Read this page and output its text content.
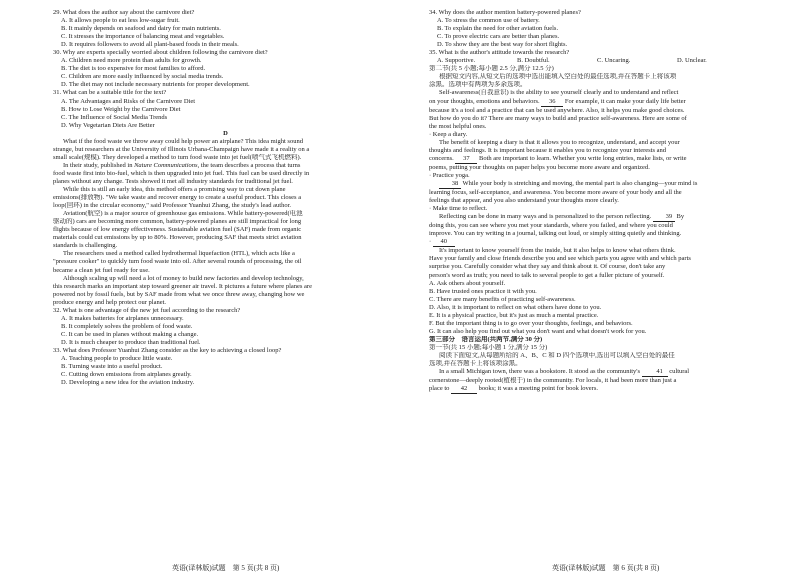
29. What does the author say about the carnivore diet?
A. It allows people to eat less low-sugar fruit.
B. It mainly depends on seafood and dairy for main nutrients.
C. It stresses the importance of balancing meat and vegetables.
D. It requires followers to avoid all plant-based foods in their meals.
30. Why are experts specially worried about children following the carnivore diet?
A. Children need more protein than adults for growth.
B. The diet is too expensive for most families to afford.
C. Children are more easily influenced by social media trends.
D. The diet may not include necessary nutrients for proper development.
31. What can be a suitable title for the text?
A. The Advantages and Risks of the Carnivore Diet
B. How to Lose Weight by the Carnivore Diet
C. The Influence of Social Media Trends
D. Why Vegetarian Diets Are Better
D
What if the food waste we throw away could help power an airplane? This idea might sound
strange, but researchers at the University of Illinois Urbana-Champaign have made it a reality on a
small scale(规模). They developed a method to turn food waste into jet fuel(喷气式飞机燃料).
In their study, published in Nature Communications, the team describes a process that turns
food waste first into bio-fuel, which is then upgraded into jet fuel. This fuel can be used directly in
planes without any change. Tests showed it met all industry standards for traditional jet fuel.
While this is still an early idea, this method offers a promising way to cut down plane
emissions(排放物). "We take waste and recover energy to create a useful product. This closes a
loop(回环) in the circular economy," said Professor Yuanhui Zhang, the study's lead author.
Aviation(航空) is a major source of greenhouse gas emissions. While battery-powered(电池
驱动的) cars are becoming more common, battery-powered planes are still impractical for long
flights because of low energy effectiveness. Sustainable aviation fuel (SAF) made from organic
materials could cut emissions by up to 80%. However, producing SAF that meets strict aviation
standards is challenging.
The researchers used a method called hydrothermal liquefaction (HTL), which acts like a
"pressure cooker" to quickly turn food waste into oil. After several rounds of processing, the oil
became a clean jet fuel ready for use.
Although scaling up will need a lot of money to build new factories and develop technology,
this research marks an important step toward greener air travel. It pictures a future where planes are
powered not by fossil fuels, but by SAF made from what we once threw away, changing how we
produce energy and help protect our planet.
32. What is one advantage of the new jet fuel according to the research?
A. It makes batteries for airplanes unnecessary.
B. It completely solves the problem of food waste.
C. It can be used in planes without making a change.
D. It is much cheaper to produce than traditional fuel.
33. What does Professor Yuanhui Zhang consider as the key to achieving a closed loop?
A. Teaching people to produce little waste.
B. Turning waste into a useful product.
C. Cutting down emissions from airplanes greatly.
D. Developing a new idea for the aviation industry.
34. Why does the author mention battery-powered planes?
A. To stress the common use of battery.
B. To explain the need for other aviation fuels.
C. To prove electric cars are better than planes.
D. To show they are the best way for short flights.
35. What is the author's attitude towards the research?
A. Supportive.	B. Doubtful.	C. Uncaring.	D. Unclear.
第二节(共 5 小题;每小题 2.5 分,满分 12.5 分)
根据短文内容,从短文后的选项中选出能填入空白处的最佳选项,并在答题卡上将该项
涂黑。选项中有两项为多余选项。
Self-awareness(自我意识) is the ability to see yourself clearly and to understand and reflect
on your thoughts, emotions and behaviors. 36 For example, it can make your daily life better
because it's a tool and a practice that can be used anywhere. Also, it helps you make good choices.
But how do you do it? There are many ways to build and practice self-awareness. Here are some of
the most helpful ones.
· Keep a diary.
The benefit of keeping a diary is that it allows you to recognize, understand, and accept your
thoughts and feelings. It is important because it enables you to recognize your interests and
concerns. 37 Both are important to learn. Whether you write long entries, make lists, or write
poems, putting your thoughts on paper helps you become more aware and organized.
· Practice yoga.
38 While your body is stretching and moving, the mental part is also changing—your mind is
learning focus, self-acceptance, and awareness. You become more aware of your body and all the
feelings that appear, and you also understand your thoughts more clearly.
· Make time to reflect.
Reflecting can be done in many ways and is personalized to the person reflecting. 39 By
doing this, you can see where you met your standards, where you failed, and where you could
improve. You can try writing in a journal, talking out loud, or simply sitting quietly and thinking.
· 40
It's important to know yourself from the inside, but it also helps to know what others think.
Have your family and close friends describe you and see which parts you agree with and which parts
surprise you. Carefully consider what they say and think about it. Of course, don't take any
person's word as truth; you need to talk to several people to get a fuller picture of yourself.
A. Ask others about yourself.
B. Have trusted ones practice it with you.
C. There are many benefits of practicing self-awareness.
D. Also, it is important to reflect on what others have done to you.
E. It is a physical practice, but it's just as much a mental practice.
F. But the important thing is to go over your thoughts, feelings, and behaviors.
G. It can also help you find out what you don't want and what doesn't work for you.
第三部分　语言运用(共两节,满分 30 分)
第一节(共 15 小题;每小题 1 分,满分 15 分)
阅读下面短文,从每题所给的 A、B、C 和 D 四个选项中,选出可以填入空白处的最佳
选项,并在答题卡上将该项涂黑。
In a small Michigan town, there was a bookstore. It stood as the community's 41 cultural
cornerstone—deeply rooted(植根于) in the community. For locals, it had been more than just a
place to 42 books; it was a meeting point for book lovers.
英语(译林版)试题　第 5 页(共 8 页)	英语(译林版)试题　第 6 页(共 8 页)
